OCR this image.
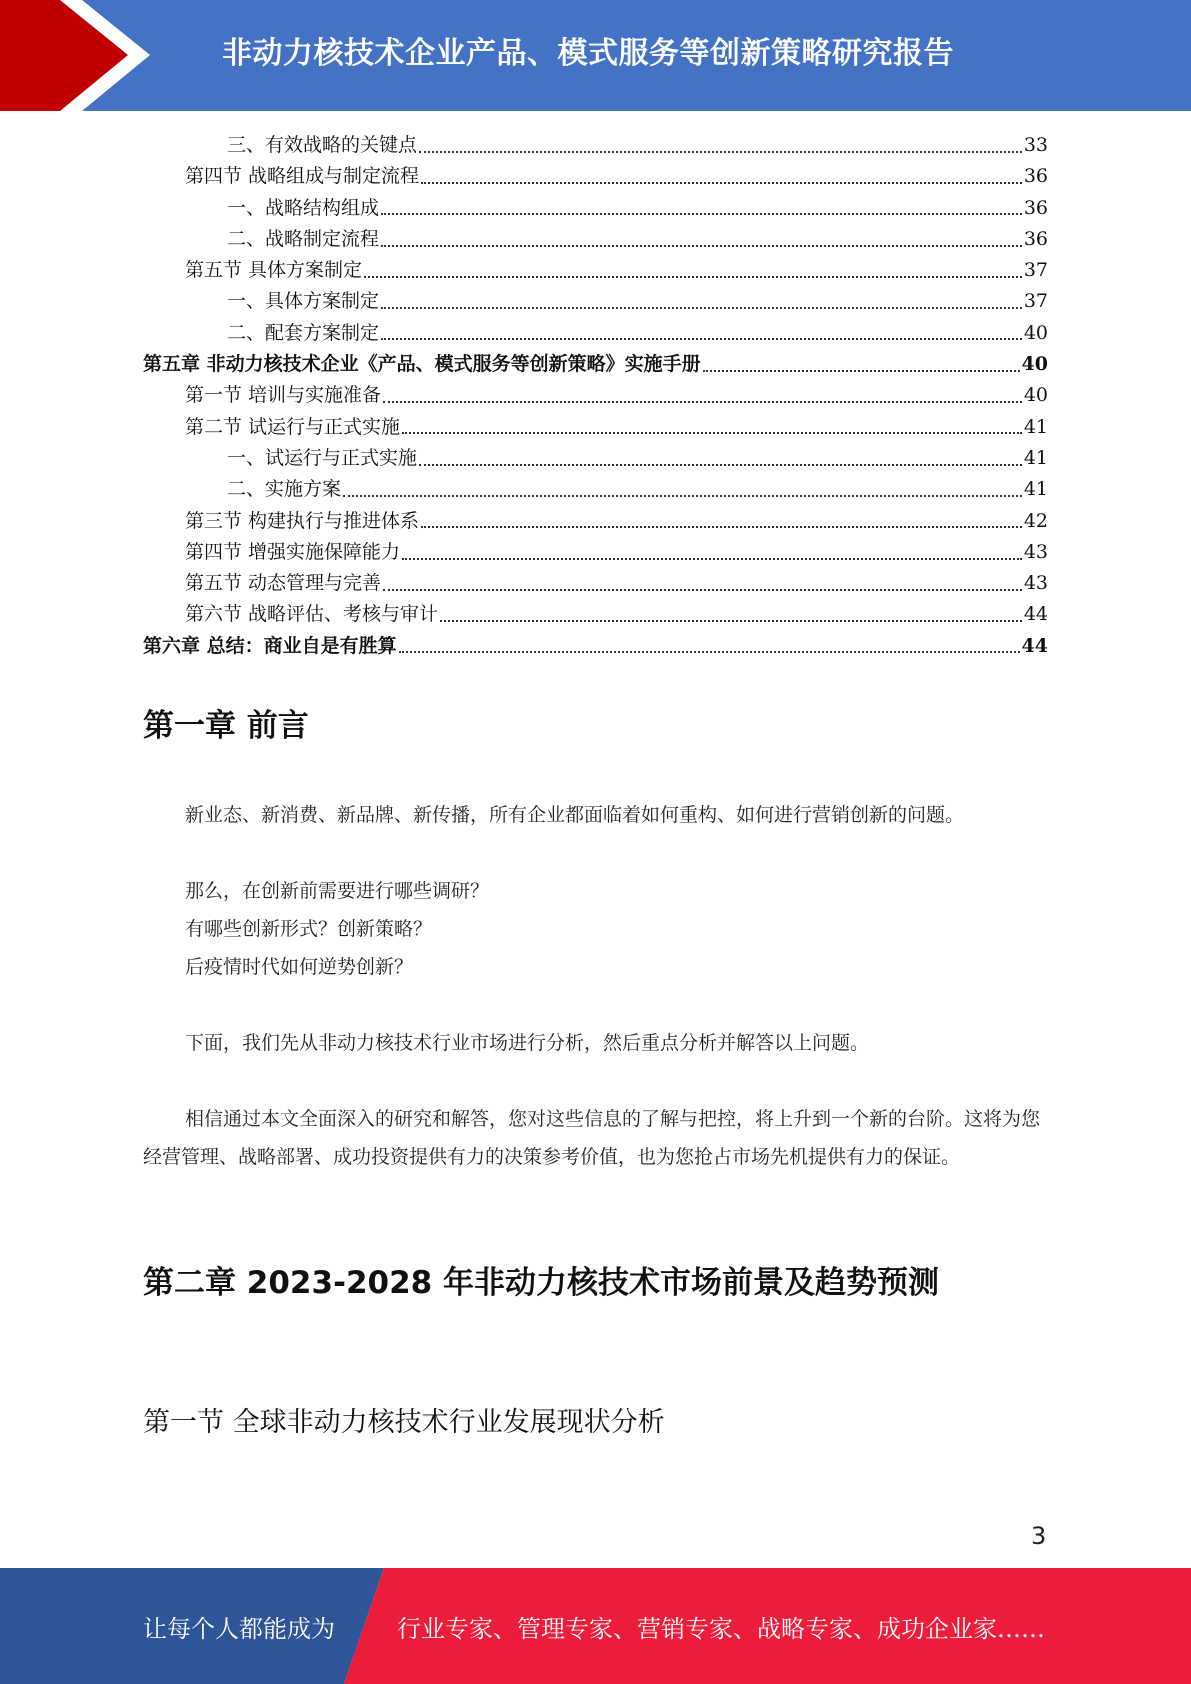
非动力核技术企业产品、模式服务等创新策略研究报告
三、有效战略的关键点	33
第四节 战略组成与制定流程	36
一、战略结构组成	36
二、战略制定流程	36
第五节 具体方案制定	37
一、具体方案制定	37
二、配套方案制定	40
第五章 非动力核技术企业《产品、模式服务等创新策略》实施手册	40
第一节 培训与实施准备	40
第二节 试运行与正式实施	41
一、试运行与正式实施	41
二、实施方案	41
第三节 构建执行与推进体系	42
第四节 增强实施保障能力	43
第五节 动态管理与完善	43
第六节 战略评估、考核与审计	44
第六章 总结：商业自是有胜算	44
第一章 前言
新业态、新消费、新品牌、新传播，所有企业都面临着如何重构、如何进行营销创新的问题。
那么，在创新前需要进行哪些调研？
有哪些创新形式？创新策略？
后疫情时代如何逆势创新？
下面，我们先从非动力核技术行业市场进行分析，然后重点分析并解答以上问题。
相信通过本文全面深入的研究和解答，您对这些信息的了解与把控，将上升到一个新的台阶。这将为您经营管理、战略部署、成功投资提供有力的决策参考价值，也为您抢占市场先机提供有力的保证。
第二章 2023-2028 年非动力核技术市场前景及趋势预测
第一节 全球非动力核技术行业发展现状分析
3
让每个人都能成为	行业专家、管理专家、营销专家、战略专家、成功企业家……
